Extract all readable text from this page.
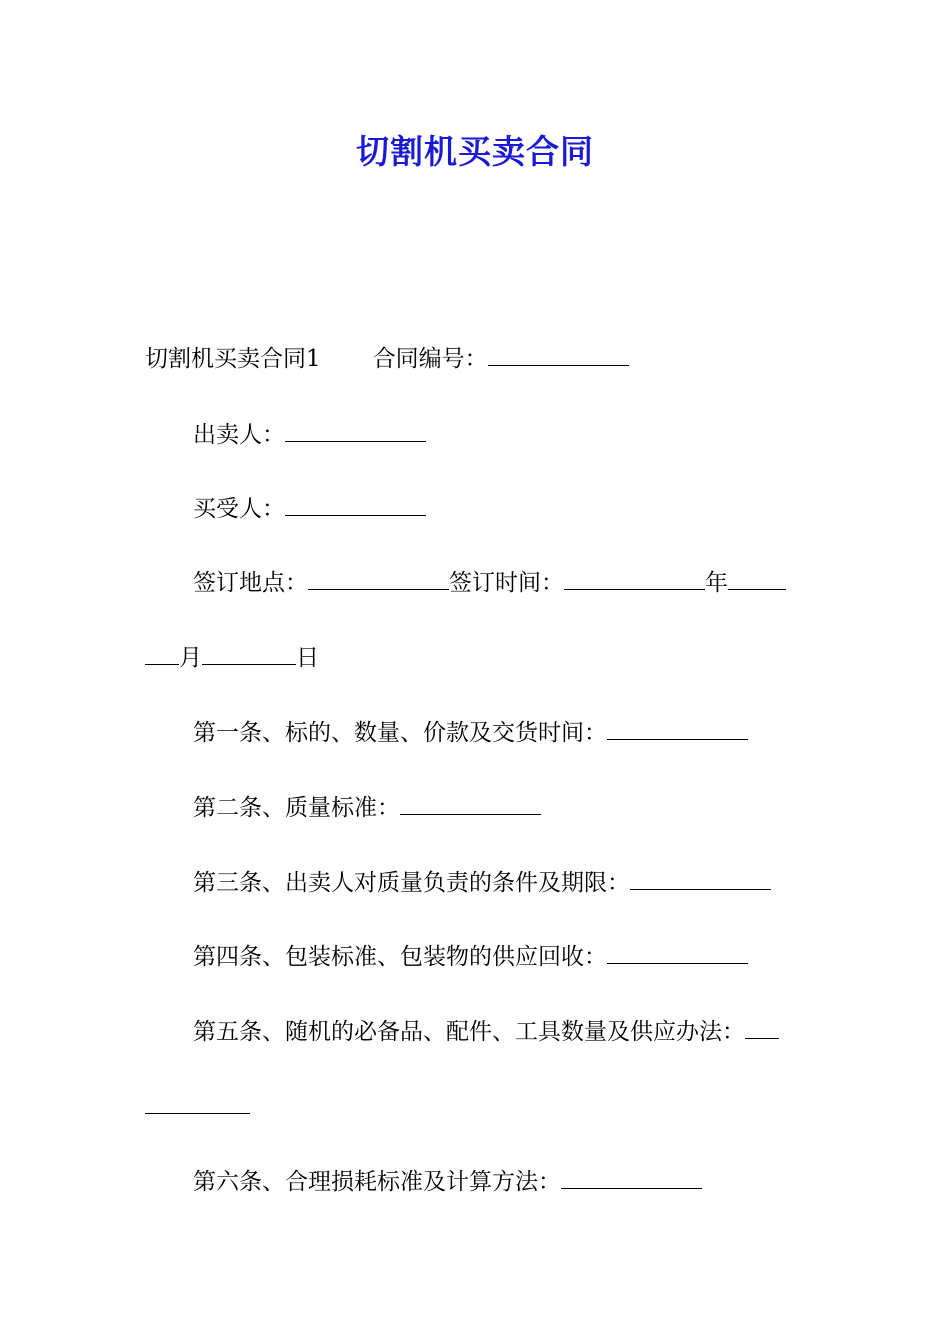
切割机买卖合同
切割机买卖合同1 合同编号：
出卖人：
买受人：
签订地点：	签订时间：	年
月	日
第一条、标的、数量、价款及交货时间：
第二条、质量标准：
第三条、出卖人对质量负责的条件及期限：
第四条、包装标准、包装物的供应回收：
第五条、随机的必备品、配件、工具数量及供应办法：
第六条、合理损耗标准及计算方法：
